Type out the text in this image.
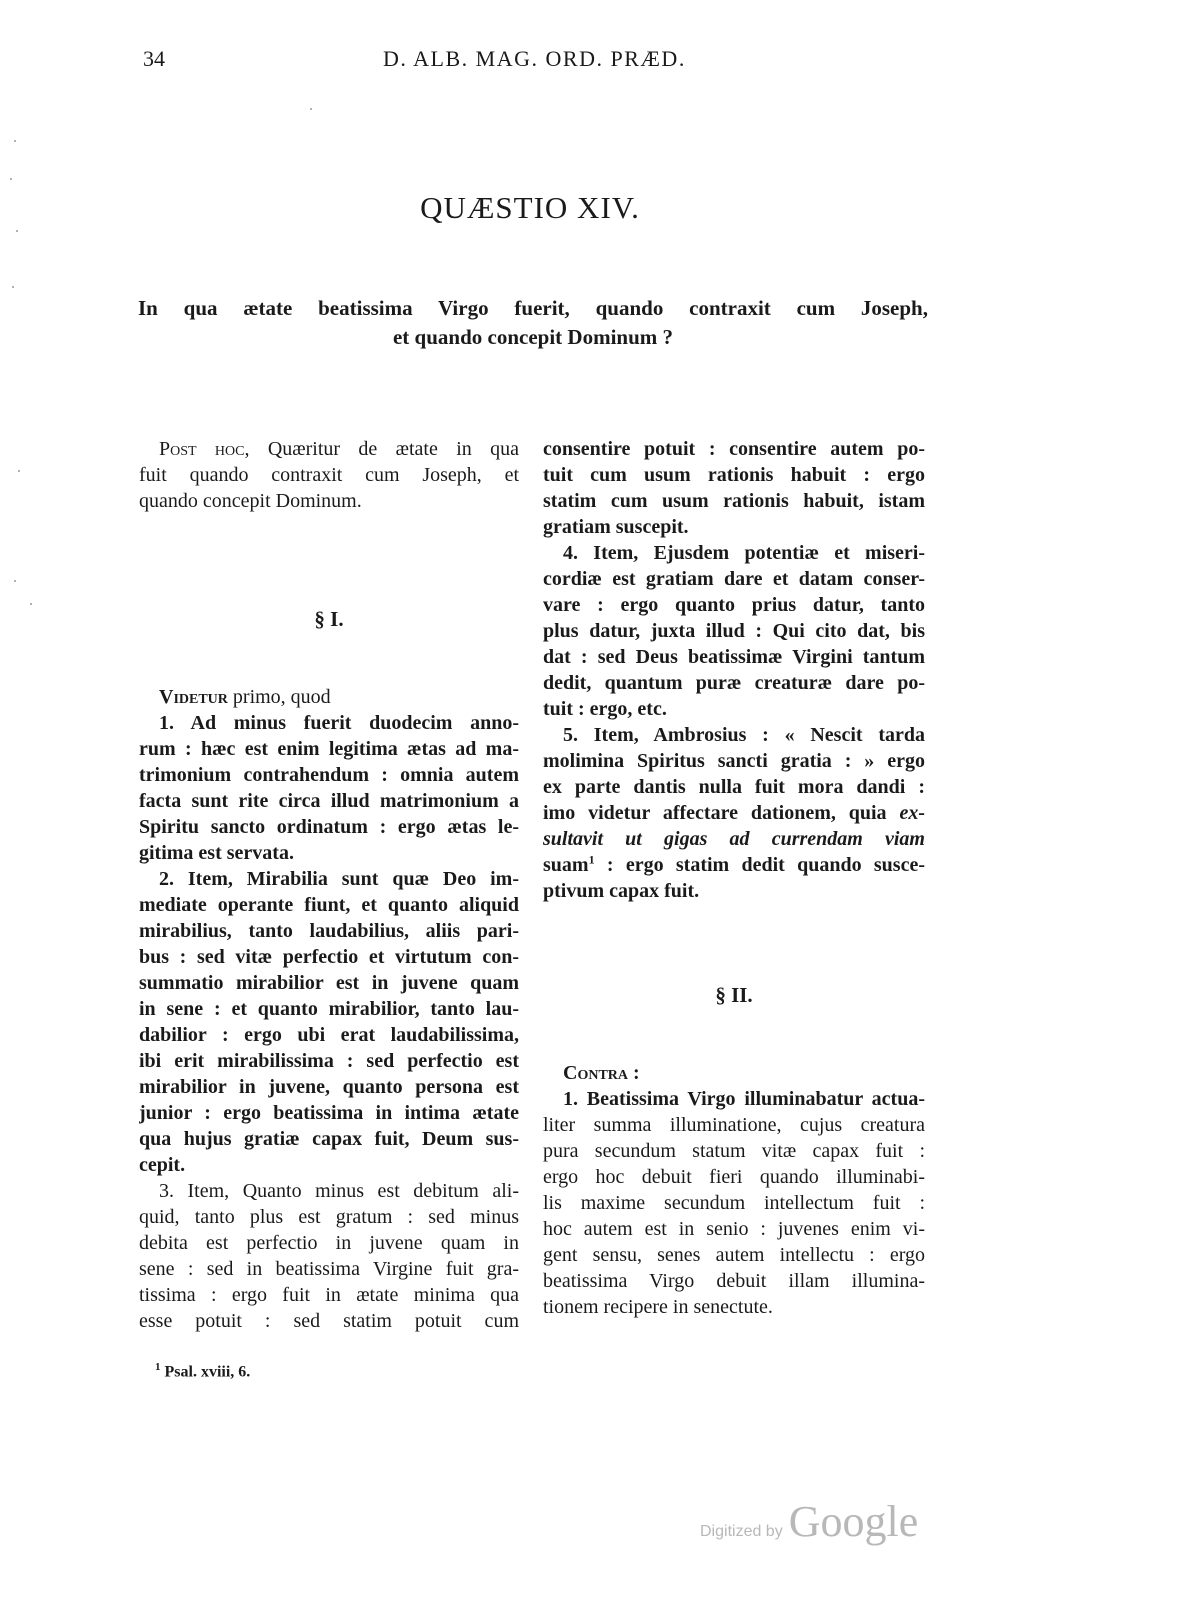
34	D. ALB. MAG. ORD. PRÆD.
QUÆSTIO XIV.
In qua ætate beatissima Virgo fuerit, quando contraxit cum Joseph,
et quando concepit Dominum ?
Post hoc, Quæritur de ætate in qua
fuit quando contraxit cum Joseph, et
quando concepit Dominum.
§ I.
Videtur primo, quod
1. Ad minus fuerit duodecim anno-
rum : hæc est enim legitima ætas ad ma-
trimonium contrahendum : omnia autem
facta sunt rite circa illud matrimonium a
Spiritu sancto ordinatum : ergo ætas le-
gitima est servata.
2. Item, Mirabilia sunt quæ Deo im-
mediate operante fiunt, et quanto aliquid
mirabilius, tanto laudabilius, aliis pari-
bus : sed vitæ perfectio et virtutum con-
summatio mirabilior est in juvene quam
in sene : et quanto mirabilior, tanto lau-
dabilior : ergo ubi erat laudabilissima,
ibi erit mirabilissima : sed perfectio est
mirabilior in juvene, quanto persona est
junior : ergo beatissima in intima ætate
qua hujus gratiæ capax fuit, Deum sus-
cepit.
3. Item, Quanto minus est debitum ali-
quid, tanto plus est gratum : sed minus
debita est perfectio in juvene quam in
sene : sed in beatissima Virgine fuit gra-
tissima : ergo fuit in ætate minima qua
esse potuit : sed statim potuit cum
consentire potuit : consentire autem po-
tuit cum usum rationis habuit : ergo
statim cum usum rationis habuit, istam
gratiam suscepit.
4. Item, Ejusdem potentiæ et miseri-
cordiæ est gratiam dare et datam conser-
vare : ergo quanto prius datur, tanto
plus datur, juxta illud : Qui cito dat, bis
dat : sed Deus beatissimæ Virgini tantum
dedit, quantum puræ creaturæ dare po-
tuit : ergo, etc.
5. Item, Ambrosius : « Nescit tarda
molimina Spiritus sancti gratia : » ergo
ex parte dantis nulla fuit mora dandi :
imo videtur affectare dationem, quia ex-
sultavit ut gigas ad currendam viam
suam$^1$ : ergo statim dedit quando susce-
ptivum capax fuit.
§ II.
Contra :
1. Beatissima Virgo illuminabatur actua-
liter summa illuminatione, cujus creatura
pura secundum statum vitæ capax fuit :
ergo hoc debuit fieri quando illuminabi-
lis maxime secundum intellectum fuit :
hoc autem est in senio : juvenes enim vi-
gent sensu, senes autem intellectu : ergo
beatissima Virgo debuit illam illumina-
tionem recipere in senectute.
$^1$ Psal. xviii, 6.
Digitized by Google
